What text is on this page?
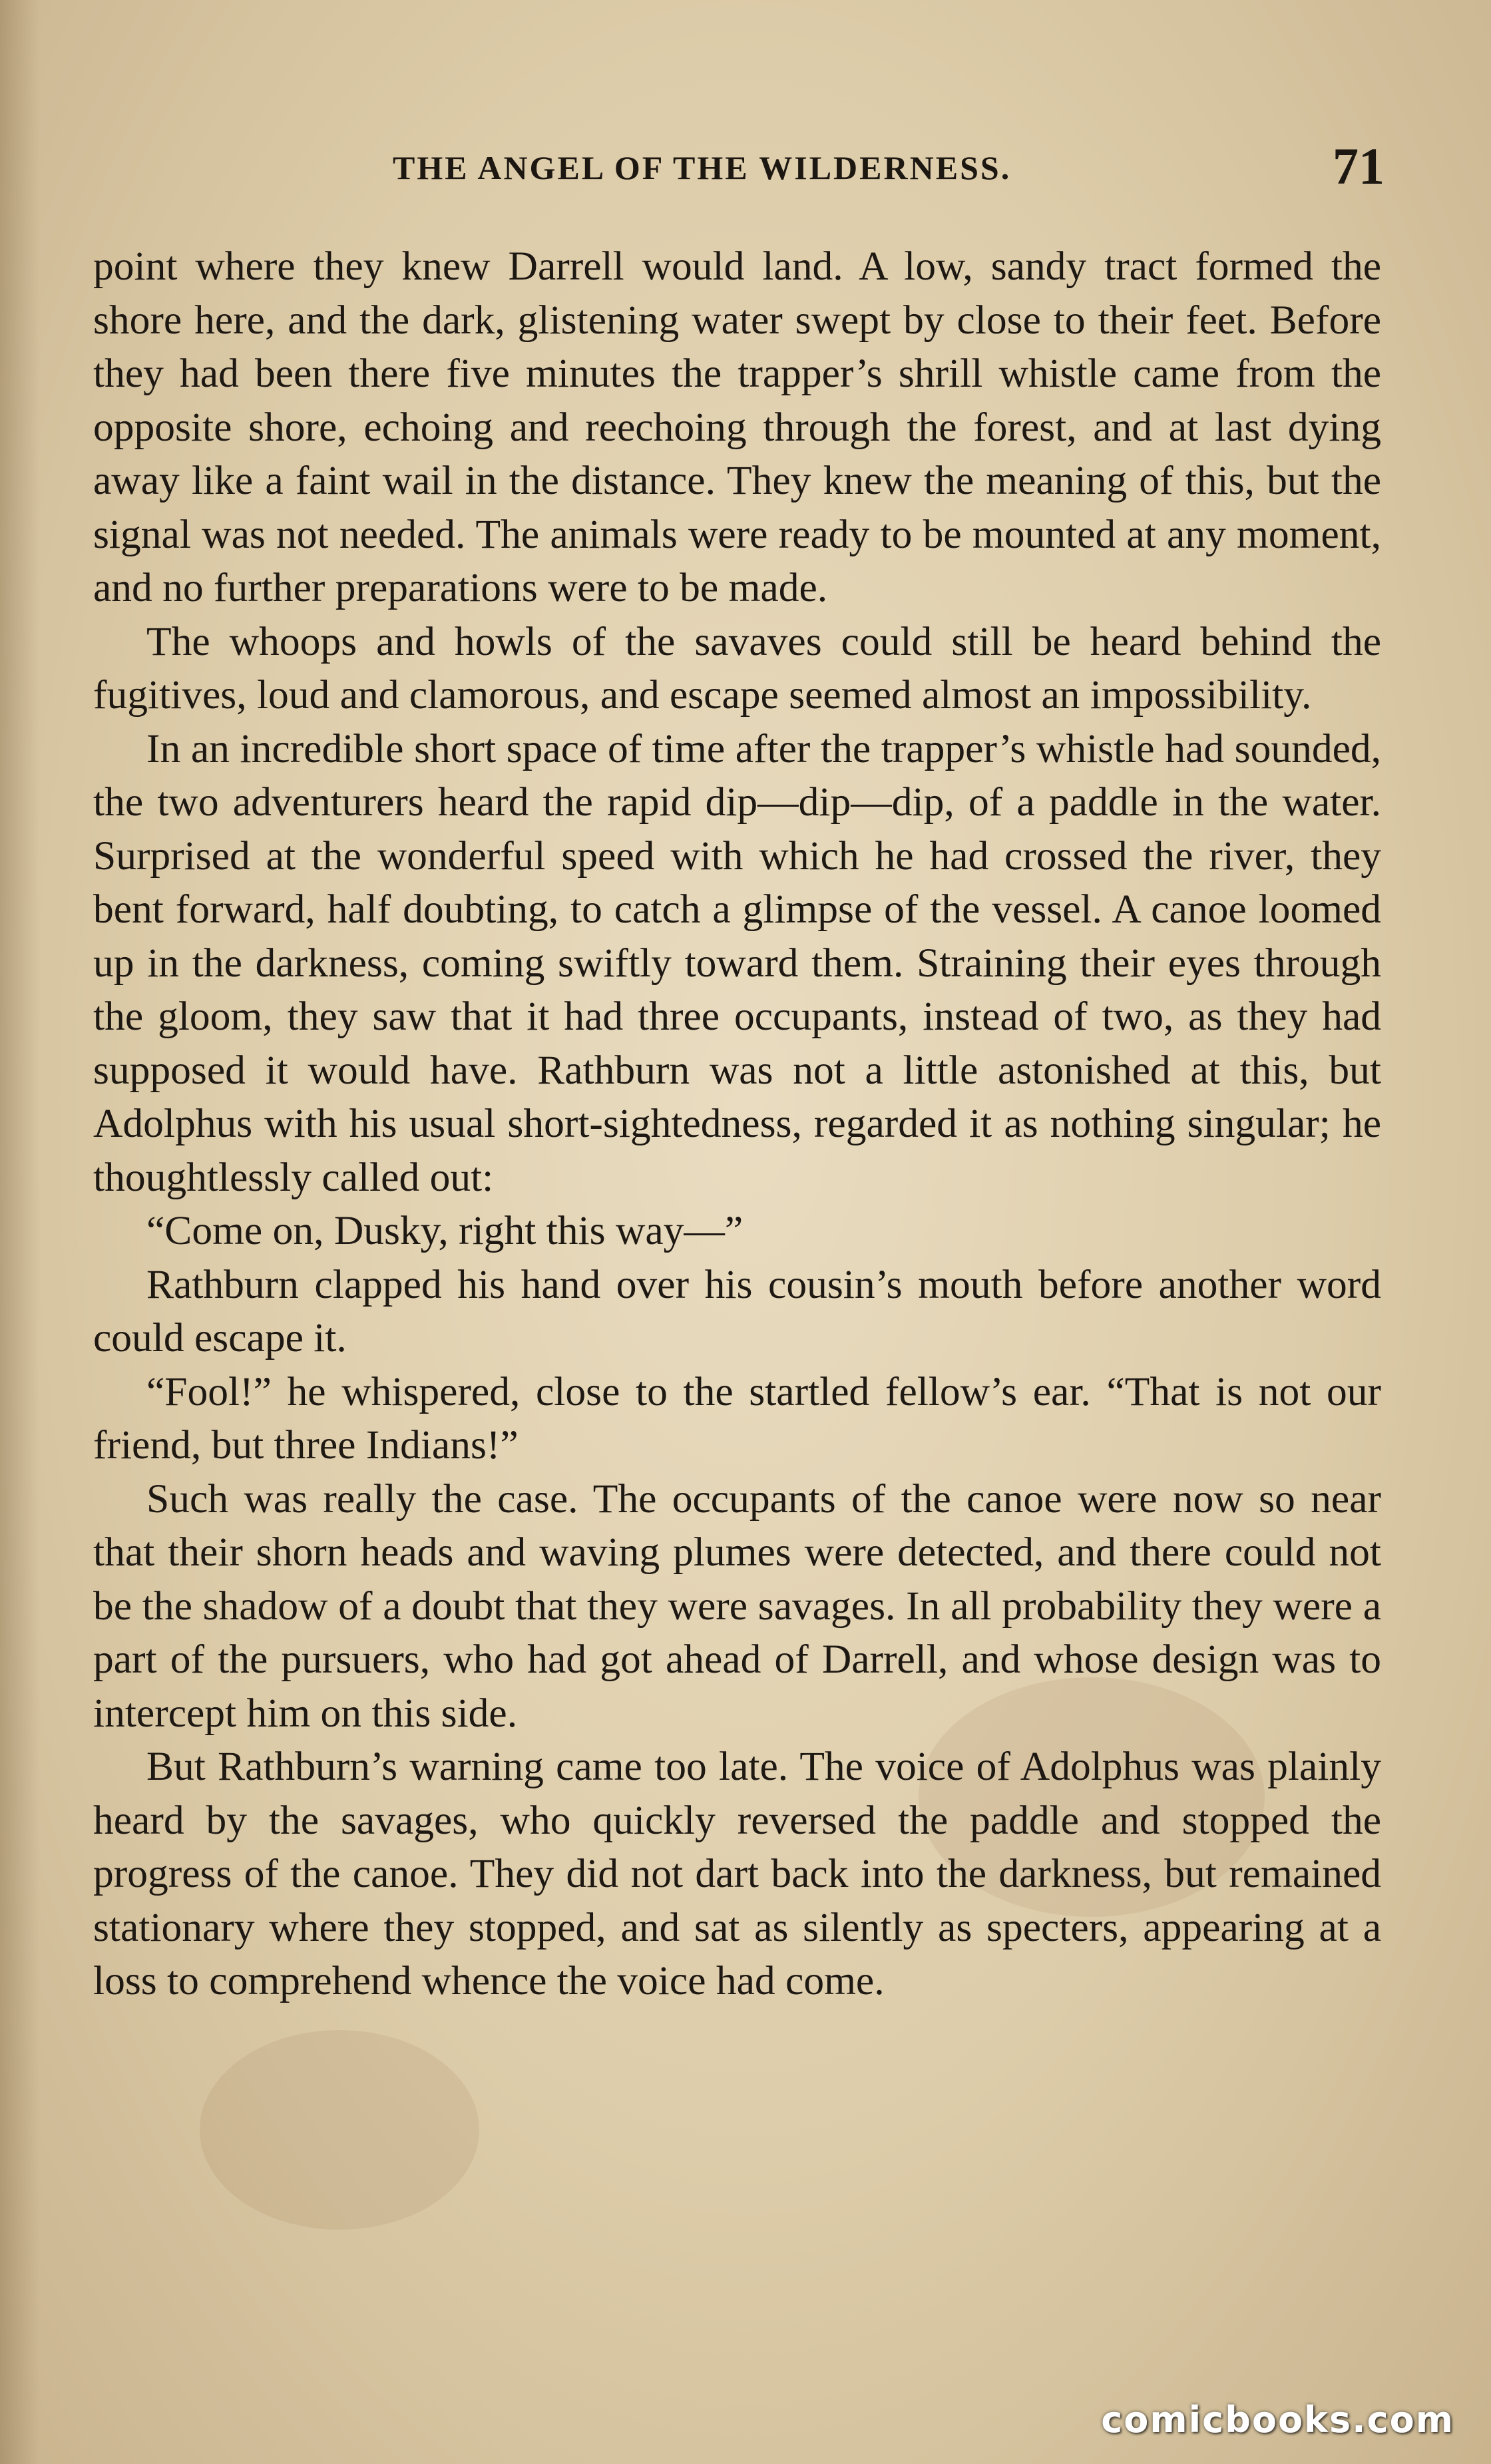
THE ANGEL OF THE WILDERNESS.	71

point where they knew Darrell would land. A low, sandy tract formed the shore here, and the dark, glistening water swept by close to their feet. Before they had been there five minutes the trapper’s shrill whistle came from the opposite shore, echoing and reechoing through the forest, and at last dying away like a faint wail in the distance. They knew the meaning of this, but the signal was not needed. The animals were ready to be mounted at any moment, and no further preparations were to be made.

The whoops and howls of the savaves could still be heard behind the fugitives, loud and clamorous, and escape seemed almost an impossibility.

In an incredible short space of time after the trapper’s whistle had sounded, the two adventurers heard the rapid dip—dip—dip, of a paddle in the water. Surprised at the wonderful speed with which he had crossed the river, they bent forward, half doubting, to catch a glimpse of the vessel. A canoe loomed up in the darkness, coming swiftly toward them. Straining their eyes through the gloom, they saw that it had three occupants, instead of two, as they had supposed it would have. Rathburn was not a little astonished at this, but Adolphus with his usual short-sightedness, regarded it as nothing singular; he thoughtlessly called out:

“Come on, Dusky, right this way—”

Rathburn clapped his hand over his cousin’s mouth before another word could escape it.

“Fool!” he whispered, close to the startled fellow’s ear. “That is not our friend, but three Indians!”

Such was really the case. The occupants of the canoe were now so near that their shorn heads and waving plumes were detected, and there could not be the shadow of a doubt that they were savages. In all probability they were a part of the pursuers, who had got ahead of Darrell, and whose design was to intercept him on this side.

But Rathburn’s warning came too late. The voice of Adolphus was plainly heard by the savages, who quickly reversed the paddle and stopped the progress of the canoe. They did not dart back into the darkness, but remained stationary where they stopped, and sat as silently as specters, appearing at a loss to comprehend whence the voice had come.

comicbooks.com
